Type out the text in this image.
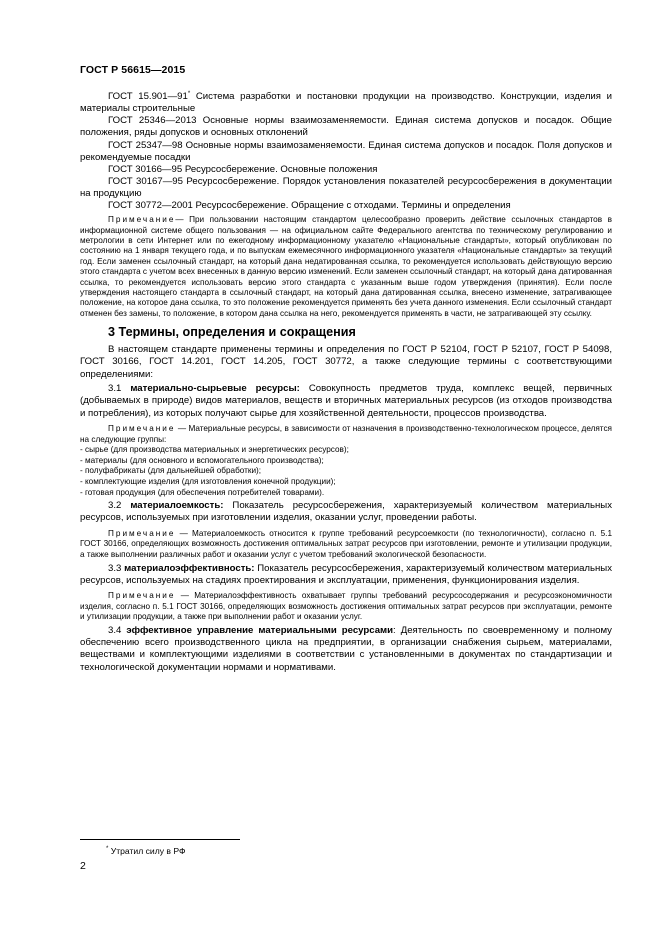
ГОСТ Р 56615—2015

ГОСТ 15.901—91* Система разработки и постановки продукции на производство. Конструкции, изделия и материалы строительные

ГОСТ 25346—2013 Основные нормы взаимозаменяемости. Единая система допусков и посадок. Общие положения, ряды допусков и основных отклонений

ГОСТ 25347—98 Основные нормы взаимозаменяемости. Единая система допусков и посадок. Поля допусков и рекомендуемые посадки

ГОСТ 30166—95 Ресурсосбережение. Основные положения

ГОСТ 30167—95 Ресурсосбережение. Порядок установления показателей ресурсосбережения в документации на продукцию

ГОСТ 30772—2001 Ресурсосбережение. Обращение с отходами. Термины и определения

Примечание— При пользовании настоящим стандартом целесообразно проверить действие ссылочных стандартов в информационной системе общего пользования — на официальном сайте Федерального агентства по техническому регулированию и метрологии в сети Интернет или по ежегодному информационному указателю «Национальные стандарты», который опубликован по состоянию на 1 января текущего года, и по выпускам ежемесячного информационного указателя «Национальные стандарты» за текущий год. Если заменен ссылочный стандарт, на который дана недатированная ссылка, то рекомендуется использовать действующую версию этого стандарта с учетом всех внесенных в данную версию изменений. Если заменен ссылочный стандарт, на который дана датированная ссылка, то рекомендуется использовать версию этого стандарта с указанным выше годом утверждения (принятия). Если после утверждения настоящего стандарта в ссылочный стандарт, на который дана датированная ссылка, внесено изменение, затрагивающее положение, на которое дана ссылка, то это положение рекомендуется применять без учета данного изменения. Если ссылочный стандарт отменен без замены, то положение, в котором дана ссылка на него, рекомендуется применять в части, не затрагивающей эту ссылку.

3 Термины, определения и сокращения

В настоящем стандарте применены термины и определения по ГОСТ Р 52104, ГОСТ Р 52107, ГОСТ Р 54098, ГОСТ 30166, ГОСТ 14.201, ГОСТ 14.205, ГОСТ 30772, а также следующие термины с соответствующими определениями:

3.1 материально-сырьевые ресурсы: Совокупность предметов труда, комплекс вещей, первичных (добываемых в природе) видов материалов, веществ и вторичных материальных ресурсов (из отходов производства и потребления), из которых получают сырье для хозяйственной деятельности, процессов производства.

Примечание — Материальные ресурсы, в зависимости от назначения в производственно-технологическом процессе, делятся на следующие группы:

- сырье (для производства материальных и энергетических ресурсов);

- материалы (для основного и вспомогательного производства);

- полуфабрикаты (для дальнейшей обработки);

- комплектующие изделия (для изготовления конечной продукции);

- готовая продукция (для обеспечения потребителей товарами).

3.2 материалоемкость: Показатель ресурсосбережения, характеризуемый количеством материальных ресурсов, используемых при изготовлении изделия, оказании услуг, проведении работы.

Примечание — Материалоемкость относится к группе требований ресурсоемкости (по технологичности), согласно п. 5.1 ГОСТ 30166, определяющих возможность достижения оптимальных затрат ресурсов при изготовлении, ремонте и утилизации продукции, а также выполнении различных работ и оказании услуг с учетом требований экологической безопасности.

3.3 материалоэффективность: Показатель ресурсосбережения, характеризуемый количеством материальных ресурсов, используемых на стадиях проектирования и эксплуатации, применения, функционирования изделия.

Примечание — Материалоэффективность охватывает группы требований ресурсосодержания и ресурсоэкономичности изделия, согласно п. 5.1 ГОСТ 30166, определяющих возможность достижения оптимальных затрат ресурсов при эксплуатации, ремонте и утилизации продукции, а также при выполнении работ и оказании услуг.

3.4 эффективное управление материальными ресурсами: Деятельность по своевременному и полному обеспечению всего производственного цикла на предприятии, в организации снабжения сырьем, материалами, веществами и комплектующими изделиями в соответствии с установленными в документах по стандартизации и технологической документации нормами и нормативами.

* Утратил силу в РФ
2
